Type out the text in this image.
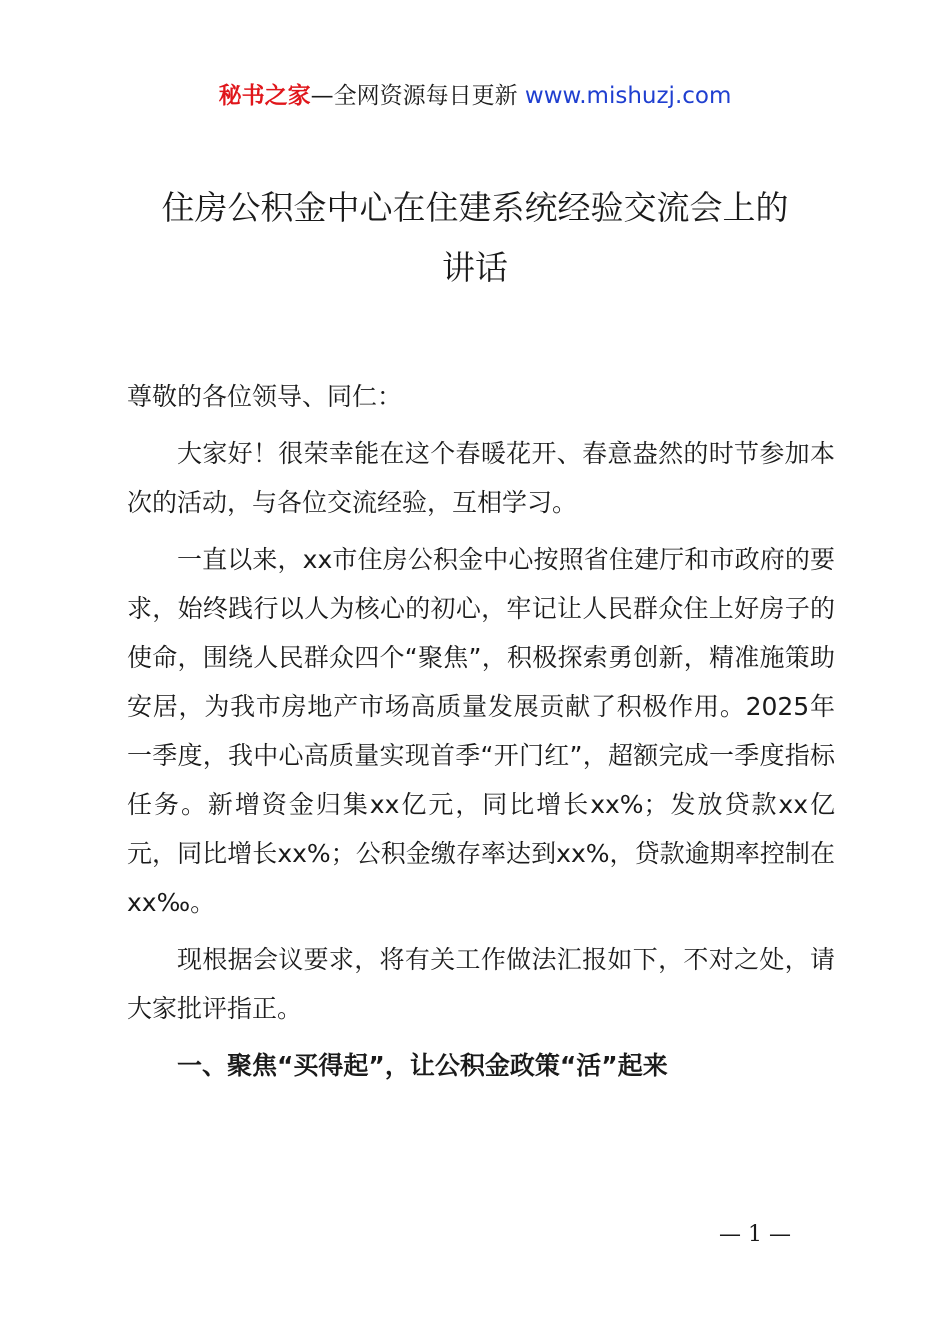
秘书之家—全网资源每日更新 www.mishuzj.com
住房公积金中心在住建系统经验交流会上的
讲话

尊敬的各位领导、同仁：

大家好！很荣幸能在这个春暖花开、春意盎然的时节参加本次的活动，与各位交流经验，互相学习。

一直以来，xx市住房公积金中心按照省住建厅和市政府的要求，始终践行以人为核心的初心，牢记让人民群众住上好房子的使命，围绕人民群众四个“聚焦”，积极探索勇创新，精准施策助安居，为我市房地产市场高质量发展贡献了积极作用。2025年一季度，我中心高质量实现首季“开门红”，超额完成一季度指标任务。新增资金归集xx亿元，同比增长xx%；发放贷款xx亿元，同比增长xx%；公积金缴存率达到xx%，贷款逾期率控制在xx‰。

现根据会议要求，将有关工作做法汇报如下，不对之处，请大家批评指正。

一、聚焦“买得起”，让公积金政策“活”起来

— 1 —
